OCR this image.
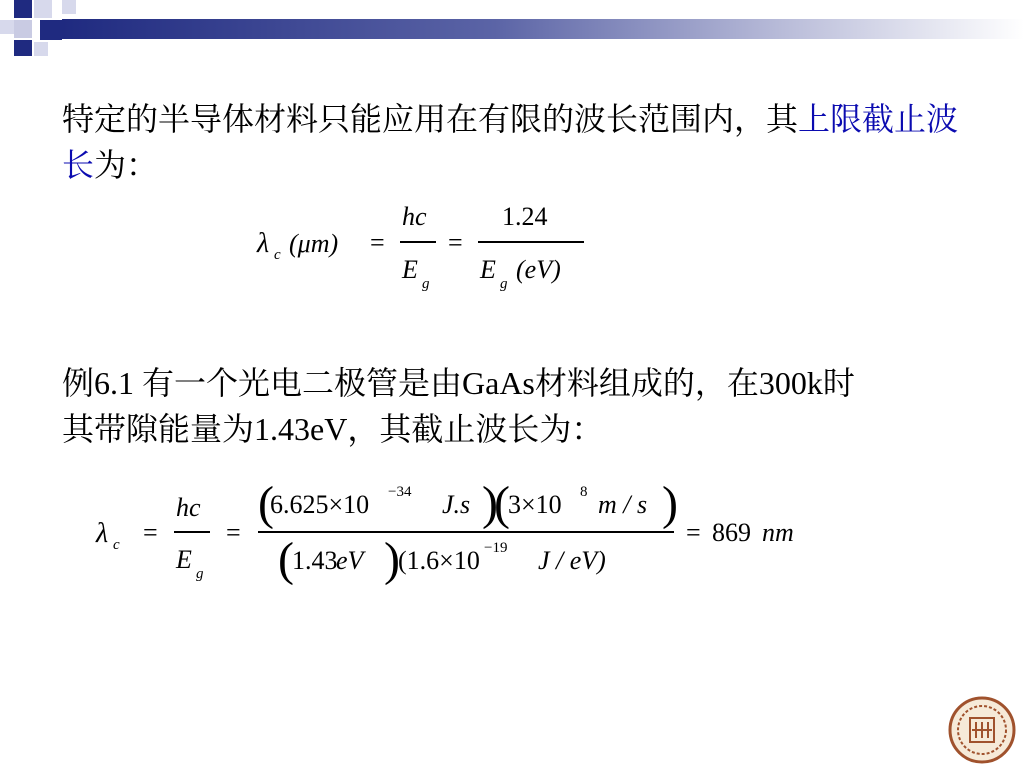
特定的半导体材料只能应用在有限的波长范围内，其上限截止波长为：
λ c (μm) =
hc
E g
=
1.24
E g (eV)
例6.1 有一个光电二极管是由GaAs材料组成的，在300k时
其带隙能量为1.43eV，其截止波长为：
λ c =
hc
E g
=
(
6.625×10 −34 J.s )
(
3×10 8 m / s )
(
1.43
eV )
(1.6×10 −19 J / eV)
= 869 nm
